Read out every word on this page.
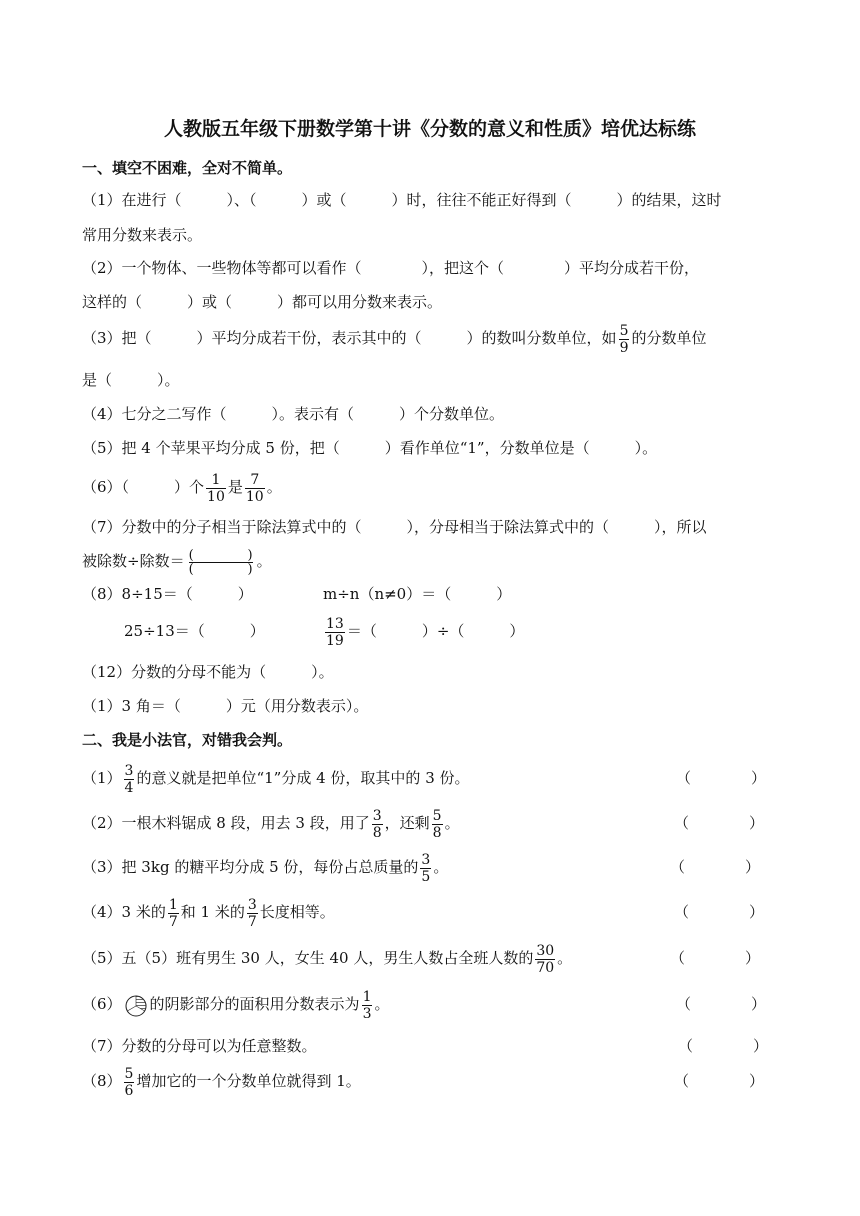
人教版五年级下册数学第十讲《分数的意义和性质》培优达标练
一、填空不困难，全对不简单。
（1）在进行（　　　）、（　　　）或（　　　）时，往往不能正好得到（　　　）的结果，这时
常用分数来表示。
（2）一个物体、一些物体等都可以看作（　　　　），把这个（　　　　）平均分成若干份，
这样的（　　　）或（　　　）都可以用分数来表示。
（3）把（　　　）平均分成若干份，表示其中的（　　　）的数叫分数单位，如 $\frac{5}{9}$ 的分数单位
是（　　　）。
（4）七分之二写作（　　　）。表示有（　　　）个分数单位。
（5）把 4 个苹果平均分成 5 份，把（　　　）看作单位“1”，分数单位是（　　　）。
（6）（　　　）个 $\frac{1}{10}$ 是 $\frac{7}{10}$ 。
（7）分数中的分子相当于除法算式中的（　　　），分母相当于除法算式中的（　　　），所以
被除数÷除数＝ (	)
(	) 。
（8）8÷15＝（　　　）	m÷n（n≠0）＝（　　　）
25÷13＝（　　　）	$\frac{13}{19}$ ＝（　　　）÷（　　　）
（12）分数的分母不能为（　　　）。
（1）3 角＝（　　　）元（用分数表示）。
二、我是小法官，对错我会判。
$(1) \frac{3}{4}$ 的意义就是把单位“1”分成 4 份，取其中的 3 份。	（　　　　）
（2）一根木料锯成 8 段，用去 3 段，用了 $\frac{3}{8}$ ，还剩 $\frac{5}{8}$ 。	（　　　　）
（3）把 3kg 的糖平均分成 5 份，每份占总质量的 $\frac{3}{5}$ 。	（　　　　）
（4）3 米的 $\frac{1}{7}$ 和 1 米的 $\frac{3}{7}$ 长度相等。	（　　　　）
（5）五（5）班有男生 30 人，女生 40 人，男生人数占全班人数的 $\frac{30}{70}$ 。	（　　　　）
（6） 的阴影部分的面积用分数表示为 $\frac{1}{3}$ 。	（　　　　）
（7）分数的分母可以为任意整数。	（　　　　）
$(8) \frac{5}{6}$ 增加它的一个分数单位就得到 1。	（　　　　）
